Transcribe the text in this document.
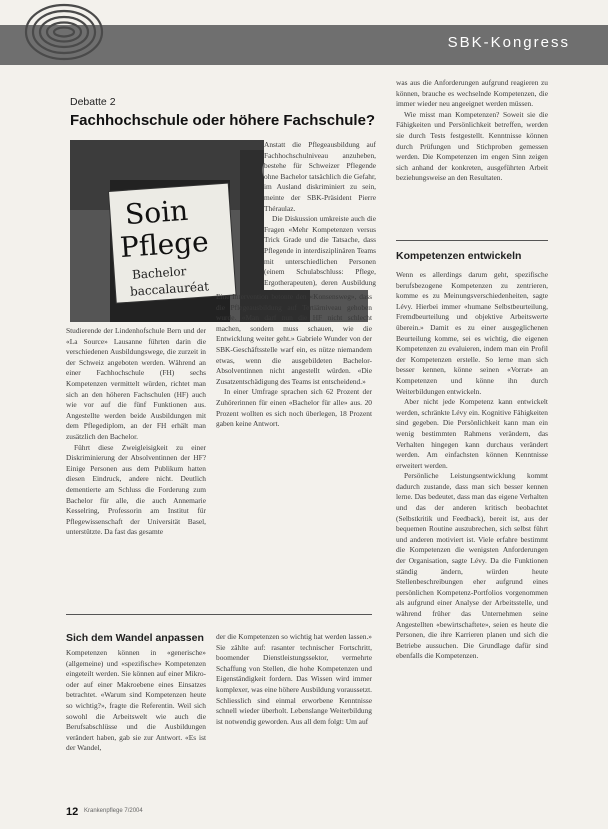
SBK-Kongress
Debatte 2
Fachhochschule oder höhere Fachschule?
Soin
Pflege
Bachelor
baccalauréat

Anstatt die Pflegeausbildung auf Fachhochschulniveau anzuheben, bestehe für Schweizer Pflegende ohne Bachelor tatsächlich die Gefahr, im Ausland diskriminiert zu sein, meinte der SBK-Präsident Pierre Théraulaz.

Die Diskussion umkreiste auch die Fragen «Mehr Kompetenzen versus Trick Grade und die Tatsache, dass Pflegende in interdisziplinären Teams mit unterschiedlichen Personen (einem Schulabschluss: Pflege, Ergotherapeuten), deren Ausbildung

Studierende der Lindenhofschule Bern und der «La Source» Lausanne führten darin die verschiedenen Ausbildungswege, die zurzeit in der Schweiz angeboten werden. Während an einer Fachhochschule (FH) sechs Kompetenzen vermittelt würden, richtet man sich an den höheren Fachschulen (HF) auch wie vor auf die fünf Funktionen aus. Angestellte werden beide Ausbildungen mit dem Pflegediplom, an der FH erhält man zusätzlich den Bachelor.

Führt diese Zweigleisigkeit zu einer Diskriminierung der Absolventinnen der HF? Einige Personen aus dem Publikum hatten diesen Eindruck, andere nicht. Deutlich dementierte am Schluss die Forderung zum Bachelor für alle, die auch Annemarie Kesselring, Professorin am Institut für Pflegewissenschaft der Universität Basel, unterstützte. Da fast das gesamte

Eine Intervention betonte den «Konsensweg», dass die Pflegeausbildung auf Tertiärniveau gehoben wurde. «Man darf nun die HF nicht schlecht machen, sondern muss schauen, wie die Entwicklung weiter geht.» Gabriele Wunder von der SBK-Geschäftsstelle warf ein, es nütze niemandem etwas, wenn die ausgebildeten Bachelor-Absolventinnen nicht angestellt würden. «Die Zusatzentschädigung des Teams ist entscheidend.»

In einer Umfrage sprachen sich 62 Prozent der Zuhörerinnen für einen «Bachelor für alle» aus. 20 Prozent wollten es sich noch überlegen, 18 Prozent gaben keine Antwort.

was aus die Anforderungen aufgrund reagieren zu können, brauche es wechselnde Kompetenzen, die immer wieder neu angeeignet werden müssen.

Wie misst man Kompetenzen? Soweit sie die Fähigkeiten und Persönlichkeit betreffen, werden sie durch Tests festgestellt. Kenntnisse können durch Prüfungen und Stichproben gemessen werden. Die Kompetenzen im engen Sinn zeigen sich anhand der konkreten, ausgeführten Arbeit beziehungsweise an den Resultaten.

Kompetenzen entwickeln

Wenn es allerdings darum geht, spezifische berufsbezogene Kompetenzen zu zentrieren, komme es zu Meinungsverschiedenheiten, sagte Lévy. Hierbei immer «humane Selbstbeurteilung, Fremdbeurteilung und objektive Arbeitswerte überein.» Damit es zu einer ausgeglichenen Beurteilung komme, sei es wichtig, die eigenen Kompetenzen zu evaluieren, indem man ein Profil der Kompetenzen erstelle. So lerne man sich besser kennen, könne seinen «Vorrat» an Kompetenzen und könne ihn durch Weiterbildungen entwickeln.

Aber nicht jede Kompetenz kann entwickelt werden, schränkte Lévy ein. Kognitive Fähigkeiten sind gegeben. Die Persönlichkeit kann man ein wenig bestimmten Rahmens verändern, das Verhalten hingegen kann durchaus verändert werden. Am einfachsten können Kenntnisse erweitert werden.

Persönliche Leistungsentwicklung kommt dadurch zustande, dass man sich besser kennen lerne. Das bedeutet, dass man das eigene Verhalten und das der anderen kritisch beobachtet (Selbstkritik und Feedback), bereit ist, aus der bequemen Routine auszubrechen, sich selbst führt und anderen motiviert ist. Viele erfahre bestimmt die Kompetenzen die wenigsten Anforderungen der Organisation, sagte Lévy. Da die Funktionen ständig ändern, würden heute Stellenbeschreibungen eher aufgrund eines persönlichen Kompetenz-Portfolios vorgenommen als aufgrund einer Analyse der Arbeitsstelle, und während früher das Unternehmen seine Angestellten «bewirtschaftete», seien es heute die Personen, die ihre Karrieren planen und sich die Betriebe aussuchen. Die Grundlage dafür sind ebenfalls die Kompetenzen.

Sich dem Wandel anpassen

Kompetenzen können in «generische» (allgemeine) und «spezifische» Kompetenzen eingeteilt werden. Sie können auf einer Mikro- oder auf einer Makroebene eines Einsatzes betrachtet. «Warum sind Kompetenzen heute so wichtig?», fragte die Referentin. Weil sich sowohl die Arbeitswelt wie auch die Berufsabschlüsse und die Ausbildungen verändert haben, gab sie zur Antwort. «Es ist der Wandel,

der die Kompetenzen so wichtig hat werden lassen.» Sie zählte auf: rasanter technischer Fortschritt, boomender Dienstleistungssektor, vermehrte Schaffung von Stellen, die hohe Kompetenzen und Eigenständigkeit fordern. Das Wissen wird immer komplexer, was eine höhere Ausbildung voraussetzt. Schliesslich sind einmal erworbene Kenntnisse schnell wieder überholt. Lebenslange Weiterbildung ist notwendig geworden. Aus all dem folgt: Um auf

12 Krankenpflege 7/2004
